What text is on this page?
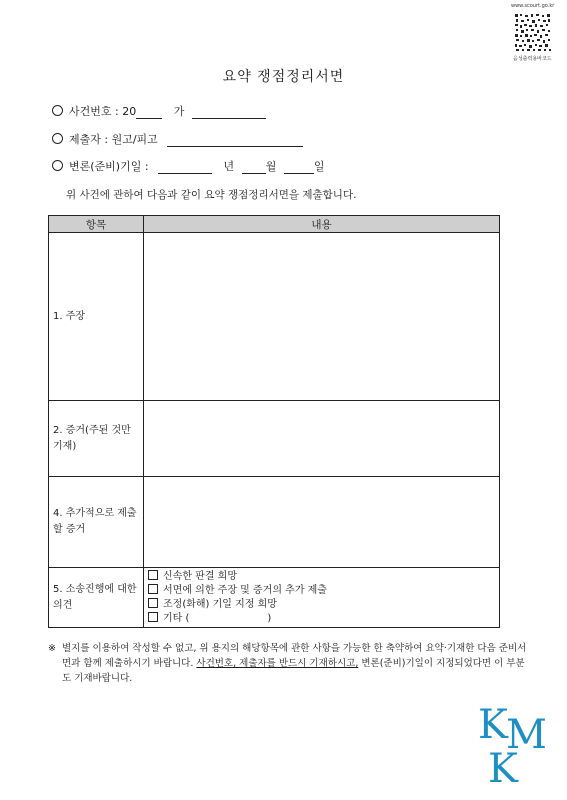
www.scourt.go.kr
음성출력용바코드
요약 쟁점정리서면
사건번호 : 20	가
제출자 : 원고/피고
변론(준비)기일 :	년	월	일
위 사건에 관하여 다음과 같이 요약 쟁점정리서면을 제출합니다.
항목	내용
1. 주장	
2. 증거(주된 것만 기재)	
4. 추가적으로 제출할 증거	
5. 소송진행에 대한 의견	신속한 판결 희망
서면에 의한 주장 및 증거의 추가 제출
조정(화해) 기일 지정 희망
기타 ( )
※ 별지를 이용하여 작성할 수 없고, 위 용지의 해당항목에 관한 사항을 가능한 한 축약하여 요약·기재한 다음 준비서면과 함께 제출하시기 바랍니다. 사건번호, 제출자를 반드시 기재하시고, 변론(준비)기일이 지정되었다면 이 부분도 기재바랍니다.
K
M
K
